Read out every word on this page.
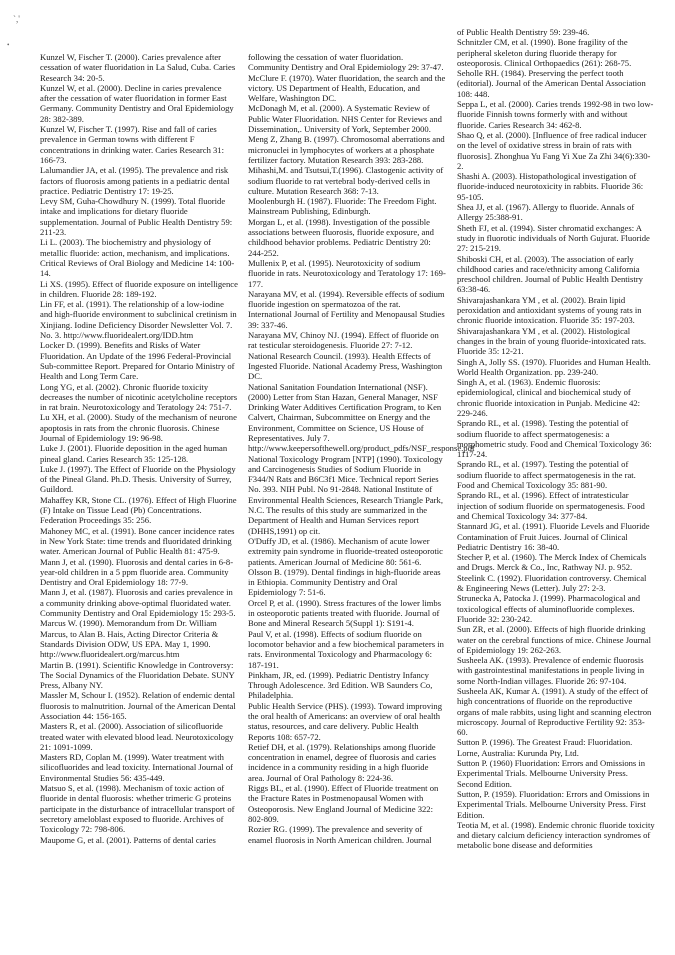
`,'
•

Kunzel W, Fischer T. (2000). Caries prevalence after cessation of water fluoridation in La Salud, Cuba. Caries Research 34: 20-5.

Kunzel W, et al. (2000). Decline in caries prevalence after the cessation of water fluoridation in former East Germany. Community Dentistry and Oral Epidemiology 28: 382-389.

Kunzel W, Fischer T. (1997). Rise and fall of caries prevalence in German towns with different F concentrations in drinking water. Caries Research 31: 166-73.

Lalumandier JA, et al. (1995). The prevalence and risk factors of fluorosis among patients in a pediatric dental practice. Pediatric Dentistry 17: 19-25.

Levy SM, Guha-Chowdhury N. (1999). Total fluoride intake and implications for dietary fluoride supplementation. Journal of Public Health Dentistry 59: 211-23.

Li L. (2003). The biochemistry and physiology of metallic fluoride: action, mechanism, and implications. Critical Reviews of Oral Biology and Medicine 14: 100-14.

Li XS. (1995). Effect of fluoride exposure on intelligence in children. Fluoride 28: 189-192.

Lin FF, et al. (1991). The relationship of a low-iodine and high-fluoride environment to subclinical cretinism in Xinjiang. Iodine Deficiency Disorder Newsletter Vol. 7. No. 3. http://www.fluoridealert.org/IDD.htm

Locker D. (1999). Benefits and Risks of Water Fluoridation. An Update of the 1996 Federal-Provincial Sub-committee Report. Prepared for Ontario Ministry of Health and Long Term Care.

Long YG, et al. (2002). Chronic fluoride toxicity decreases the number of nicotinic acetylcholine receptors in rat brain. Neurotoxicology and Teratology 24: 751-7.

Lu XH, et al. (2000). Study of the mechanism of neurone apoptosis in rats from the chronic fluorosis. Chinese Journal of Epidemiology 19: 96-98.

Luke J. (2001). Fluoride deposition in the aged human pineal gland. Caries Research 35: 125-128.

Luke J. (1997). The Effect of Fluoride on the Physiology of the Pineal Gland. Ph.D. Thesis. University of Surrey, Guildord.

Mahaffey KR, Stone CL. (1976). Effect of High Fluorine (F) Intake on Tissue Lead (Pb) Concentrations. Federation Proceedings 35: 256.

Mahoney MC, et al. (1991). Bone cancer incidence rates in New York State: time trends and fluoridated drinking water. American Journal of Public Health 81: 475-9.

Mann J, et al. (1990). Fluorosis and dental caries in 6-8-year-old children in a 5 ppm fluoride area. Community Dentistry and Oral Epidemiology 18: 77-9.

Mann J, et al. (1987). Fluorosis and caries prevalence in a community drinking above-optimal fluoridated water. Community Dentistry and Oral Epidemiology 15: 293-5.

Marcus W. (1990). Memorandum from Dr. William Marcus, to Alan B. Hais, Acting Director Criteria & Standards Division ODW, US EPA. May 1, 1990. http://www.fluoridealert.org/marcus.htm

Martin B. (1991). Scientific Knowledge in Controversy: The Social Dynamics of the Fluoridation Debate. SUNY Press, Albany NY.

Massler M, Schour I. (1952). Relation of endemic dental fluorosis to malnutrition. Journal of the American Dental Association 44: 156-165.

Masters R, et al. (2000). Association of silicofluoride treated water with elevated blood lead. Neurotoxicology 21: 1091-1099.

Masters RD, Coplan M. (1999). Water treatment with silicofluorides and lead toxicity. International Journal of Environmental Studies 56: 435-449.

Matsuo S, et al. (1998). Mechanism of toxic action of fluoride in dental fluorosis: whether trimeric G proteins participate in the disturbance of intracellular transport of secretory ameloblast exposed to fluoride. Archives of Toxicology 72: 798-806.

Maupome G, et al. (2001). Patterns of dental caries

following the cessation of water fluoridation. Community Dentistry and Oral Epidemiology 29: 37-47.

McClure F. (1970). Water fluoridation, the search and the victory. US Department of Health, Education, and Welfare, Washington DC.

McDonagh M, et al. (2000). A Systematic Review of Public Water Fluoridation. NHS Center for Reviews and Dissemination,. University of York, September 2000.

Meng Z, Zhang B. (1997). Chromosomal aberrations and micronuclei in lymphocytes of workers at a phosphate fertilizer factory. Mutation Research 393: 283-288.

Mihashi,M. and Tsutsui,T.(1996). Clastogenic activity of sodium fluoride to rat vertebral body-derived cells in culture. Mutation Research 368: 7-13.

Moolenburgh H. (1987). Fluoride: The Freedom Fight. Mainstream Publishing, Edinburgh.

Morgan L, et al. (1998). Investigation of the possible associations between fluorosis, fluoride exposure, and childhood behavior problems. Pediatric Dentistry 20: 244-252.

Mullenix P, et al. (1995). Neurotoxicity of sodium fluoride in rats. Neurotoxicology and Teratology 17: 169-177.

Narayana MV, et al. (1994). Reversible effects of sodium fluoride ingestion on spermatozoa of the rat. International Journal of Fertility and Menopausal Studies 39: 337-46.

Narayana MV, Chinoy NJ. (1994). Effect of fluoride on rat testicular steroidogenesis. Fluoride 27: 7-12.

National Research Council. (1993). Health Effects of Ingested Fluoride. National Academy Press, Washington DC.

National Sanitation Foundation International (NSF). (2000) Letter from Stan Hazan, General Manager, NSF Drinking Water Additives Certification Program, to Ken Calvert, Chairman, Subcommittee on Energy and the Environment, Committee on Science, US House of Representatives. July 7. http://www.keepersofthewell.org/product_pdfs/NSF_response.pdf

National Toxicology Program [NTP] (1990). Toxicology and Carcinogenesis Studies of Sodium Fluoride in F344/N Rats and B6C3f1 Mice. Technical report Series No. 393. NIH Publ. No 91-2848. National Institute of Environmental Health Sciences, Research Triangle Park, N.C. The results of this study are summarized in the Department of Health and Human Services report (DHHS,1991) op cit.

O'Duffy JD, et al. (1986). Mechanism of acute lower extremity pain syndrome in fluoride-treated osteoporotic patients. American Journal of Medicine 80: 561-6.

Olsson B. (1979). Dental findings in high-fluoride areas in Ethiopia. Community Dentistry and Oral Epidemiology 7: 51-6.

Orcel P, et al. (1990). Stress fractures of the lower limbs in osteoporotic patients treated with fluoride. Journal of Bone and Mineral Research 5(Suppl 1): S191-4.

Paul V, et al. (1998). Effects of sodium fluoride on locomotor behavior and a few biochemical parameters in rats. Environmental Toxicology and Pharmacology 6: 187-191.

Pinkham, JR, ed. (1999). Pediatric Dentistry Infancy Through Adolescence. 3rd Edition. WB Saunders Co, Philadelphia.

Public Health Service (PHS). (1993). Toward improving the oral health of Americans: an overview of oral health status, resources, and care delivery. Public Health Reports 108: 657-72.

Retief DH, et al. (1979). Relationships among fluoride concentration in enamel, degree of fluorosis and caries incidence in a community residing in a high fluoride area. Journal of Oral Pathology 8: 224-36.

Riggs BL, et al. (1990). Effect of Fluoride treatment on the Fracture Rates in Postmenopausal Women with Osteoporosis. New England Journal of Medicine 322: 802-809.

Rozier RG. (1999). The prevalence and severity of enamel fluorosis in North American children. Journal

of Public Health Dentistry 59: 239-46.

Schnitzler CM, et al. (1990). Bone fragility of the peripheral skeleton during fluoride therapy for osteoporosis. Clinical Orthopaedics (261): 268-75.

Seholle RH. (1984). Preserving the perfect tooth (editorial). Journal of the American Dental Association 108: 448.

Seppa L, et al. (2000). Caries trends 1992-98 in two low-fluoride Finnish towns formerly with and without fluoride. Caries Research 34: 462-8.

Shao Q, et al. (2000). [Influence of free radical inducer on the level of oxidative stress in brain of rats with fluorosis]. Zhonghua Yu Fang Yi Xue Za Zhi 34(6):330-2.

Shashi A. (2003). Histopathological investigation of fluoride-induced neurotoxicity in rabbits. Fluoride 36: 95-105.

Shea JJ, et al. (1967). Allergy to fluoride. Annals of Allergy 25:388-91.

Sheth FJ, et al. (1994). Sister chromatid exchanges: A study in fluorotic individuals of North Gujurat. Fluoride 27: 215-219.

Shiboski CH, et al. (2003). The association of early childhood caries and race/ethnicity among California preschool children. Journal of Public Health Dentistry 63:38-46.

Shivarajashankara YM , et al. (2002). Brain lipid peroxidation and antioxidant systems of young rats in chronic fluoride intoxication. Fluoride 35: 197-203.

Shivarajashankara YM , et al. (2002). Histological changes in the brain of young fluoride-intoxicated rats. Fluoride 35: 12-21.

Singh A, Jolly SS. (1970). Fluorides and Human Health. World Health Organization. pp. 239-240.

Singh A, et al. (1963). Endemic fluorosis: epidemiological, clinical and biochemical study of chronic fluoride intoxication in Punjab. Medicine 42: 229-246.

Sprando RL, et al. (1998). Testing the potential of sodium fluoride to affect spermatogenesis: a morphometric study. Food and Chemical Toxicology 36: 1117-24.

Sprando RL, et al. (1997). Testing the potential of sodium fluoride to affect spermatogenesis in the rat. Food and Chemical Toxicology 35: 881-90.

Sprando RL, et al. (1996). Effect of intratesticular injection of sodium fluoride on spermatogenesis. Food and Chemical Toxicology 34: 377-84.

Stannard JG, et al. (1991). Fluoride Levels and Fluoride Contamination of Fruit Juices. Journal of Clinical Pediatric Dentistry 16: 38-40.

Stecher P, et al. (1960). The Merck Index of Chemicals and Drugs. Merck & Co., Inc, Rathway NJ. p. 952.

Steelink C. (1992). Fluoridation controversy. Chemical & Engineering News (Letter). July 27: 2-3.

Strunecka A, Patocka J. (1999). Pharmacological and toxicological effects of aluminofluoride complexes. Fluoride 32: 230-242.

Sun ZR, et al. (2000). Effects of high fluoride drinking water on the cerebral functions of mice. Chinese Journal of Epidemiology 19: 262-263.

Susheela AK. (1993). Prevalence of endemic fluorosis with gastrointestinal manifestations in people living in some North-Indian villages. Fluoride 26: 97-104.

Susheela AK, Kumar A. (1991). A study of the effect of high concentrations of fluoride on the reproductive organs of male rabbits, using light and scanning electron microscopy. Journal of Reproductive Fertility 92: 353-60.

Sutton P. (1996). The Greatest Fraud: Fluoridation. Lorne, Australia: Kurunda Pty, Ltd.

Sutton P. (1960) Fluoridation: Errors and Omissions in Experimental Trials. Melbourne University Press. Second Edition.

Sutton, P. (1959). Fluoridation: Errors and Omissions in Experimental Trials. Melbourne University Press. First Edition.

Teotia M, et al. (1998). Endemic chronic fluoride toxicity and dietary calcium deficiency interaction syndromes of metabolic bone disease and deformities
